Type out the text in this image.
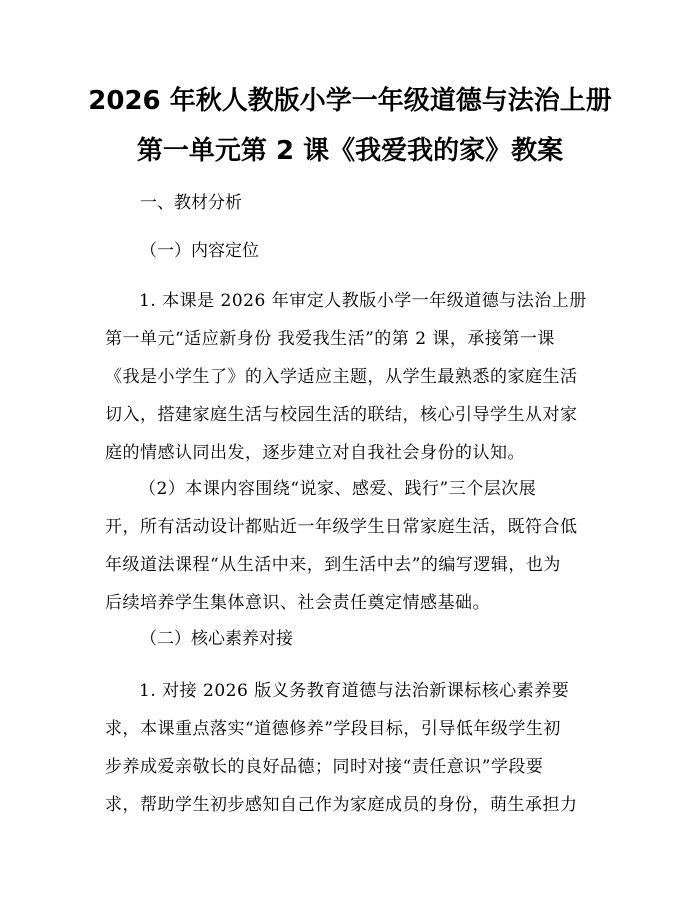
2026 年秋人教版小学一年级道德与法治上册
第一单元第 2 课《我爱我的家》教案
一、教材分析
（一）内容定位
1. 本课是 2026 年审定人教版小学一年级道德与法治上册
第一单元“适应新身份 我爱我生活”的第 2 课，承接第一课
《我是小学生了》的入学适应主题，从学生最熟悉的家庭生活
切入，搭建家庭生活与校园生活的联结，核心引导学生从对家
庭的情感认同出发，逐步建立对自我社会身份的认知。
（2）本课内容围绕“说家、感爱、践行”三个层次展
开，所有活动设计都贴近一年级学生日常家庭生活，既符合低
年级道法课程“从生活中来，到生活中去”的编写逻辑，也为
后续培养学生集体意识、社会责任奠定情感基础。
（二）核心素养对接
1. 对接 2026 版义务教育道德与法治新课标核心素养要
求，本课重点落实“道德修养”学段目标，引导低年级学生初
步养成爱亲敬长的良好品德；同时对接“责任意识”学段要
求，帮助学生初步感知自己作为家庭成员的身份，萌生承担力
